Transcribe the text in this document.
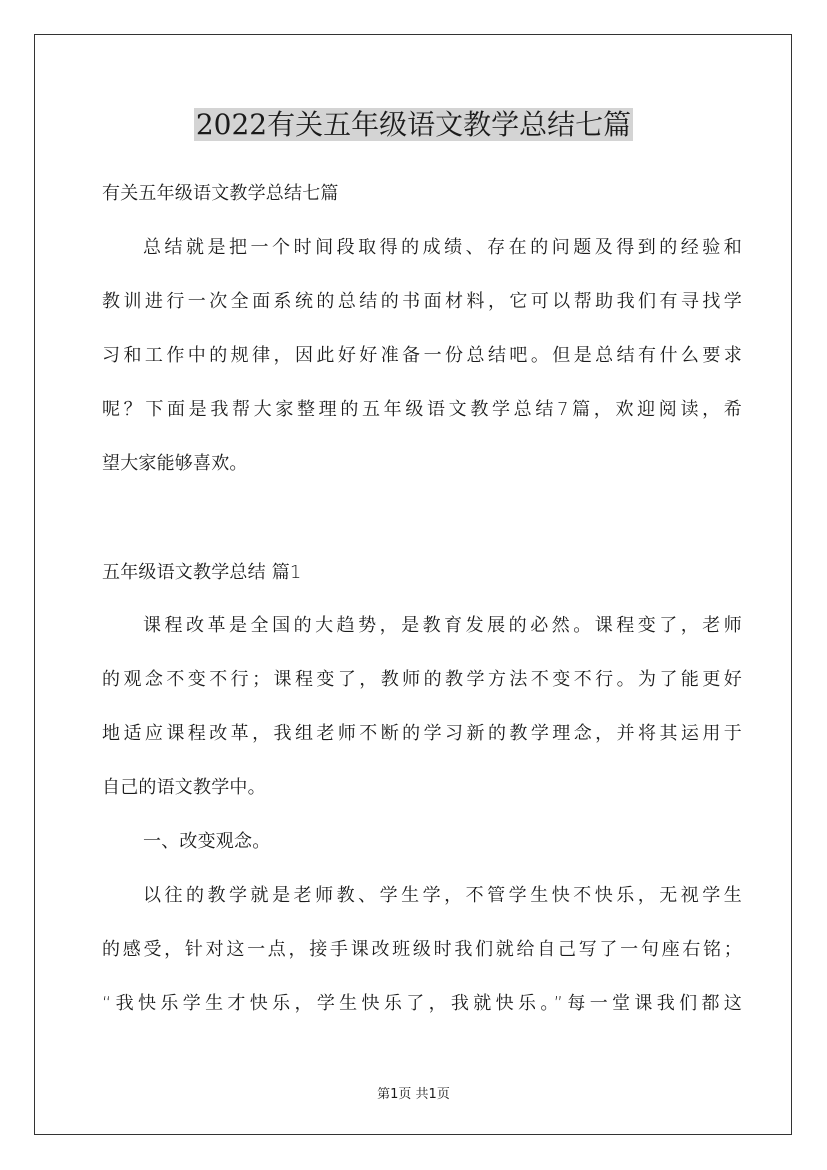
2022有关五年级语文教学总结七篇

有关五年级语文教学总结七篇

总结就是把一个时间段取得的成绩、存在的问题及得到的经验和

教训进行一次全面系统的总结的书面材料，它可以帮助我们有寻找学

习和工作中的规律，因此好好准备一份总结吧。但是总结有什么要求

呢？下面是我帮大家整理的五年级语文教学总结7篇，欢迎阅读，希

望大家能够喜欢。

五年级语文教学总结 篇1

课程改革是全国的大趋势，是教育发展的必然。课程变了，老师

的观念不变不行；课程变了，教师的教学方法不变不行。为了能更好

地适应课程改革，我组老师不断的学习新的教学理念，并将其运用于

自己的语文教学中。

一、改变观念。

以往的教学就是老师教、学生学，不管学生快不快乐，无视学生

的感受，针对这一点，接手课改班级时我们就给自己写了一句座右铭；

“我快乐学生才快乐，学生快乐了，我就快乐。”每一堂课我们都这

第1页 共1页
